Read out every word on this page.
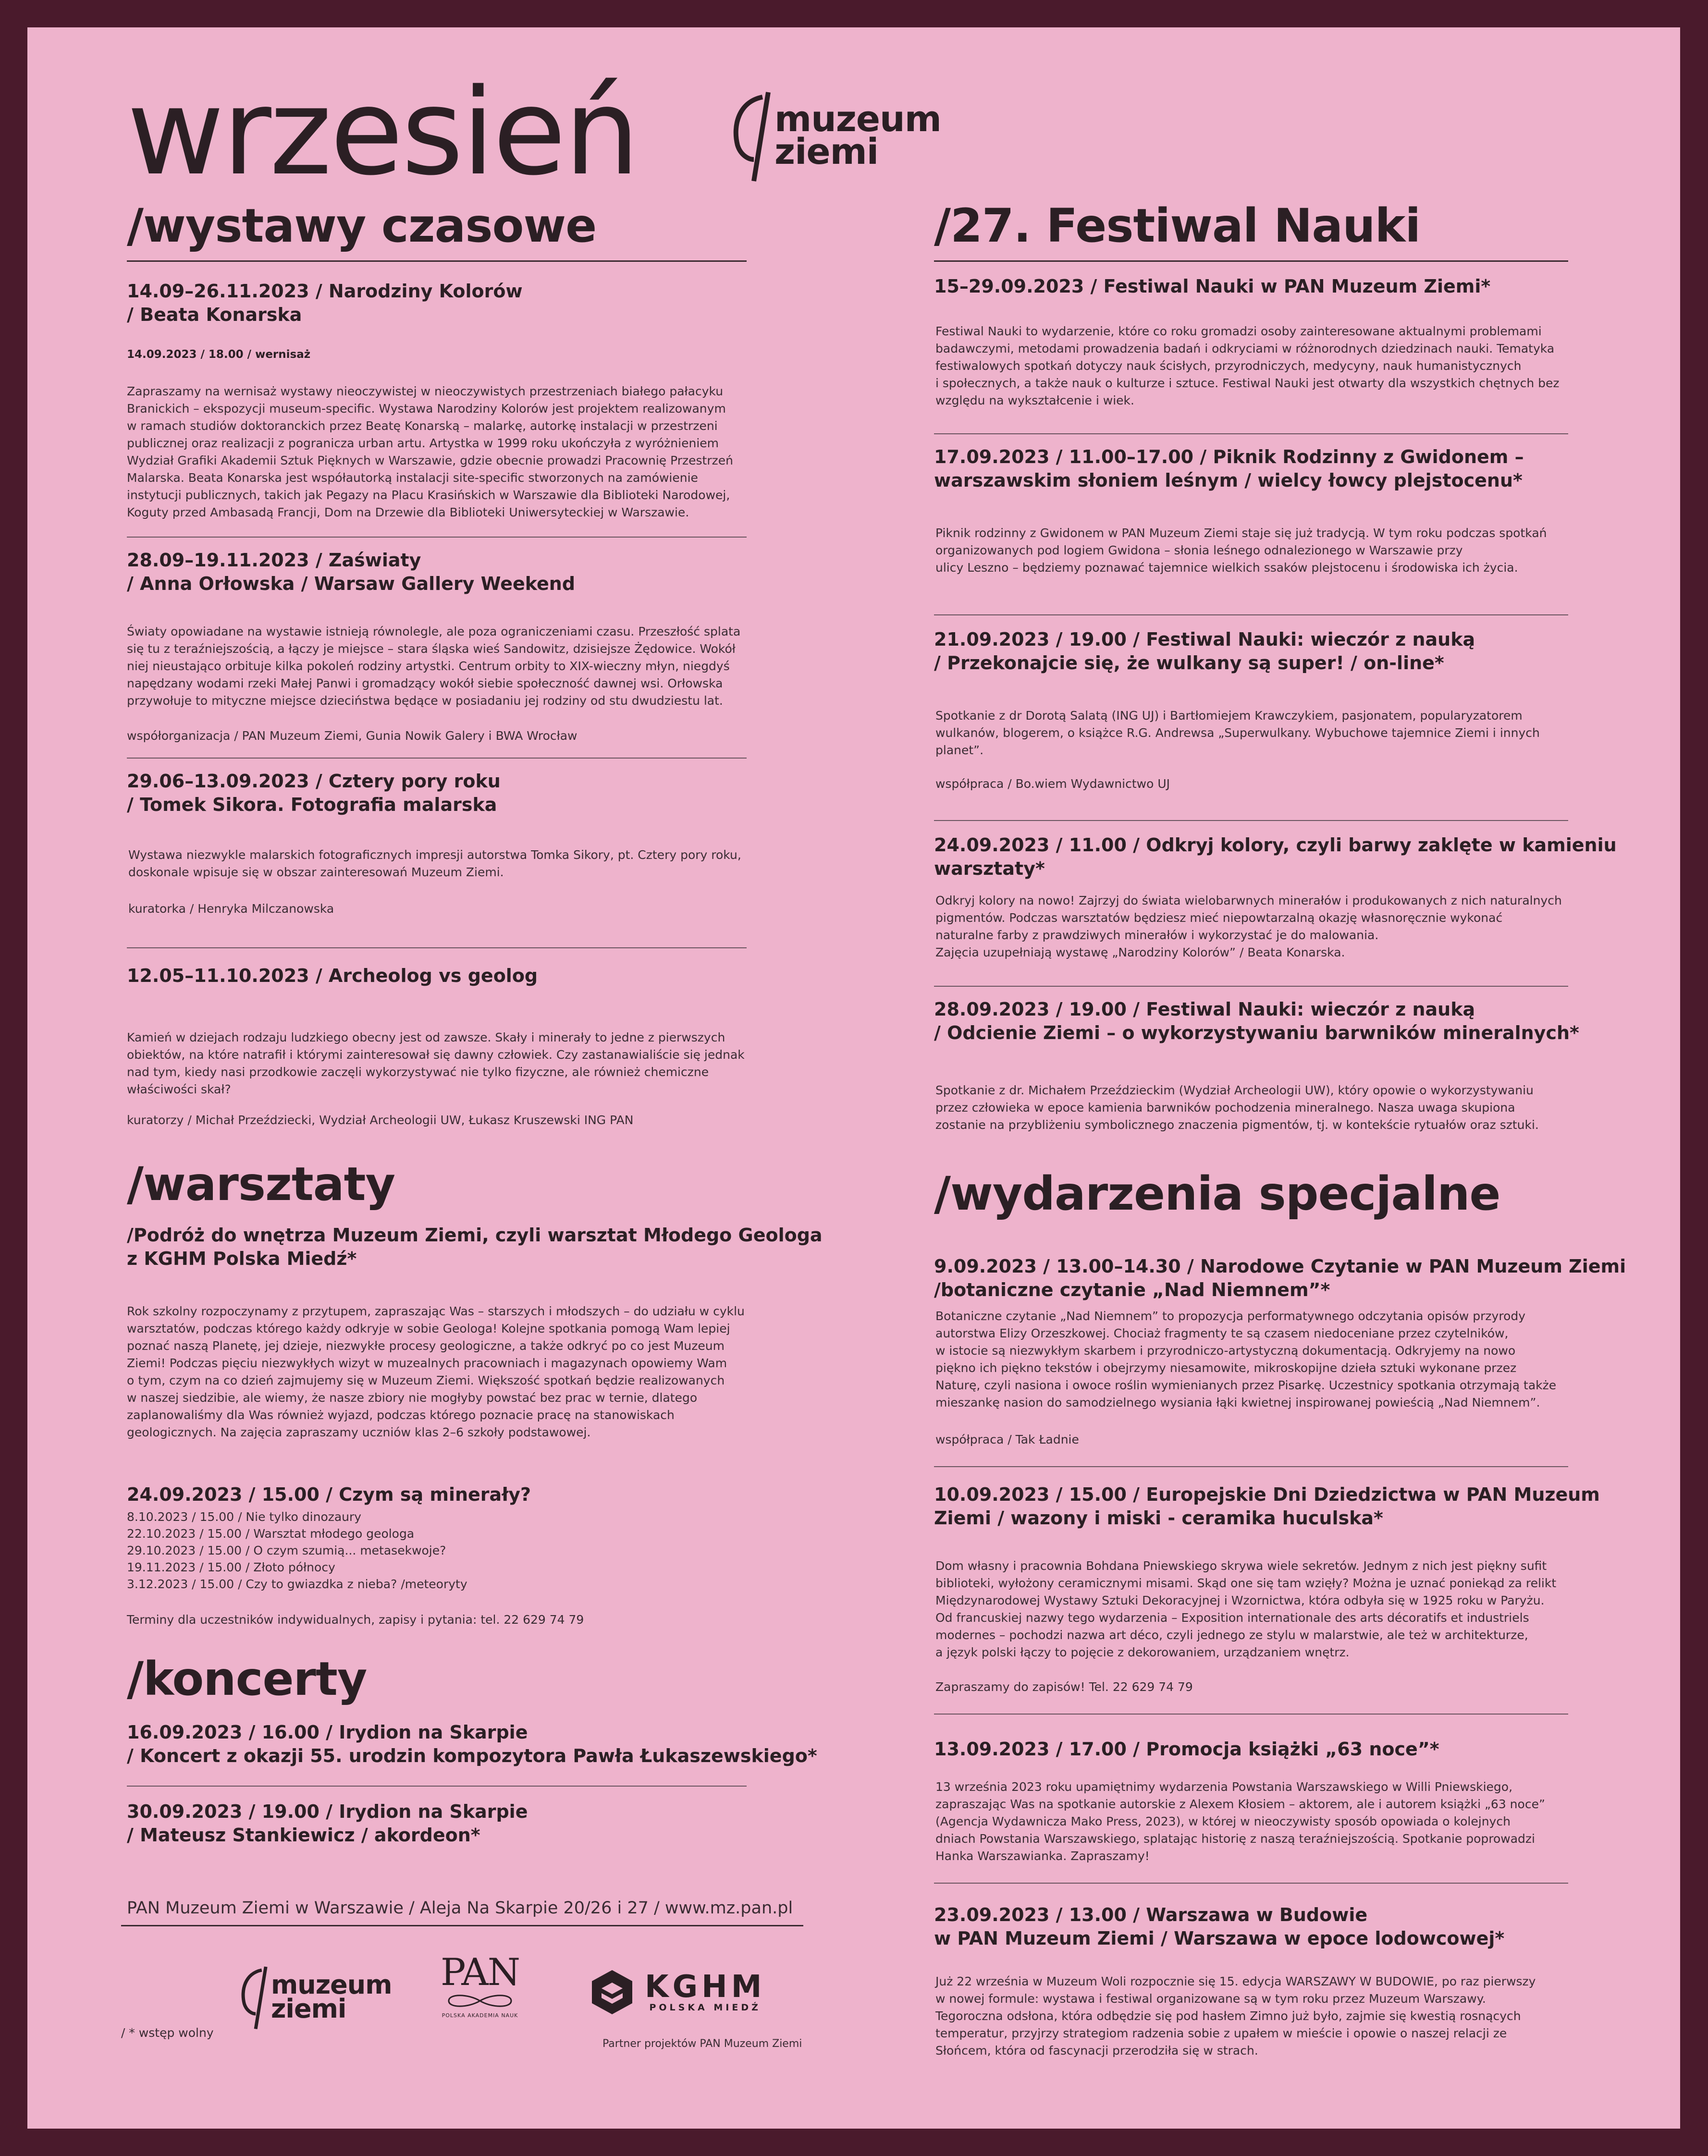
wrzesień	muzeum
ziemi
/wystawy czasowe
14.09–26.11.2023 / Narodziny Kolorów
/ Beata Konarska
14.09.2023 / 18.00 / wernisaż
Zapraszamy na wernisaż wystawy nieoczywistej w nieoczywistych przestrzeniach białego pałacyku
Branickich – ekspozycji museum-specific. Wystawa Narodziny Kolorów jest projektem realizowanym
w ramach studiów doktoranckich przez Beatę Konarską – malarkę, autorkę instalacji w przestrzeni
publicznej oraz realizacji z pogranicza urban artu. Artystka w 1999 roku ukończyła z wyróżnieniem
Wydział Grafiki Akademii Sztuk Pięknych w Warszawie, gdzie obecnie prowadzi Pracownię Przestrzeń
Malarska. Beata Konarska jest współautorką instalacji site-specific stworzonych na zamówienie
instytucji publicznych, takich jak Pegazy na Placu Krasińskich w Warszawie dla Biblioteki Narodowej,
Koguty przed Ambasadą Francji, Dom na Drzewie dla Biblioteki Uniwersyteckiej w Warszawie.
28.09–19.11.2023 / Zaświaty
/ Anna Orłowska / Warsaw Gallery Weekend
Światy opowiadane na wystawie istnieją równolegle, ale poza ograniczeniami czasu. Przeszłość splata
się tu z teraźniejszością, a łączy je miejsce – stara śląska wieś Sandowitz, dzisiejsze Żędowice. Wokół
niej nieustająco orbituje kilka pokoleń rodziny artystki. Centrum orbity to XIX-wieczny młyn, niegdyś
napędzany wodami rzeki Małej Panwi i gromadzący wokół siebie społeczność dawnej wsi. Orłowska
przywołuje to mityczne miejsce dzieciństwa będące w posiadaniu jej rodziny od stu dwudziestu lat.
współorganizacja / PAN Muzeum Ziemi, Gunia Nowik Galery i BWA Wrocław
29.06–13.09.2023 / Cztery pory roku
/ Tomek Sikora. Fotografia malarska
Wystawa niezwykle malarskich fotograficznych impresji autorstwa Tomka Sikory, pt. Cztery pory roku,
doskonale wpisuje się w obszar zainteresowań Muzeum Ziemi.
kuratorka / Henryka Milczanowska
12.05–11.10.2023 / Archeolog vs geolog
Kamień w dziejach rodzaju ludzkiego obecny jest od zawsze. Skały i minerały to jedne z pierwszych
obiektów, na które natrafił i którymi zainteresował się dawny człowiek. Czy zastanawialiście się jednak
nad tym, kiedy nasi przodkowie zaczęli wykorzystywać nie tylko fizyczne, ale również chemiczne
właściwości skał?
kuratorzy / Michał Przeździecki, Wydział Archeologii UW, Łukasz Kruszewski ING PAN
/warsztaty
/Podróż do wnętrza Muzeum Ziemi, czyli warsztat Młodego Geologa
z KGHM Polska Miedź*
Rok szkolny rozpoczynamy z przytupem, zapraszając Was – starszych i młodszych – do udziału w cyklu
warsztatów, podczas którego każdy odkryje w sobie Geologa! Kolejne spotkania pomogą Wam lepiej
poznać naszą Planetę, jej dzieje, niezwykłe procesy geologiczne, a także odkryć po co jest Muzeum
Ziemi! Podczas pięciu niezwykłych wizyt w muzealnych pracowniach i magazynach opowiemy Wam
o tym, czym na co dzień zajmujemy się w Muzeum Ziemi. Większość spotkań będzie realizowanych
w naszej siedzibie, ale wiemy, że nasze zbiory nie mogłyby powstać bez prac w ternie, dlatego
zaplanowaliśmy dla Was również wyjazd, podczas którego poznacie pracę na stanowiskach
geologicznych. Na zajęcia zapraszamy uczniów klas 2–6 szkoły podstawowej.
24.09.2023 / 15.00 / Czym są minerały?
8.10.2023 / 15.00 / Nie tylko dinozaury
22.10.2023 / 15.00 / Warsztat młodego geologa
29.10.2023 / 15.00 / O czym szumią... metasekwoje?
19.11.2023 / 15.00 / Złoto północy
3.12.2023 / 15.00 / Czy to gwiazdka z nieba? /meteoryty
Terminy dla uczestników indywidualnych, zapisy i pytania: tel. 22 629 74 79
/koncerty
16.09.2023 / 16.00 / Irydion na Skarpie
/ Koncert z okazji 55. urodzin kompozytora Pawła Łukaszewskiego*
30.09.2023 / 19.00 / Irydion na Skarpie
/ Mateusz Stankiewicz / akordeon*
PAN Muzeum Ziemi w Warszawie / Aleja Na Skarpie 20/26 i 27 / www.mz.pan.pl
muzeum
ziemi
PAN
POLSKA AKADEMIA NAUK
KGHM
POLSKA MIEDŹ
Partner projektów PAN Muzeum Ziemi
/ * wstęp wolny
/27. Festiwal Nauki
15–29.09.2023 / Festiwal Nauki w PAN Muzeum Ziemi*
Festiwal Nauki to wydarzenie, które co roku gromadzi osoby zainteresowane aktualnymi problemami
badawczymi, metodami prowadzenia badań i odkryciami w różnorodnych dziedzinach nauki. Tematyka
festiwalowych spotkań dotyczy nauk ścisłych, przyrodniczych, medycyny, nauk humanistycznych
i społecznych, a także nauk o kulturze i sztuce. Festiwal Nauki jest otwarty dla wszystkich chętnych bez
względu na wykształcenie i wiek.
17.09.2023 / 11.00–17.00 / Piknik Rodzinny z Gwidonem –
warszawskim słoniem leśnym / wielcy łowcy plejstocenu*
Piknik rodzinny z Gwidonem w PAN Muzeum Ziemi staje się już tradycją. W tym roku podczas spotkań
organizowanych pod logiem Gwidona – słonia leśnego odnalezionego w Warszawie przy
ulicy Leszno – będziemy poznawać tajemnice wielkich ssaków plejstocenu i środowiska ich życia.
21.09.2023 / 19.00 / Festiwal Nauki: wieczór z nauką
/ Przekonajcie się, że wulkany są super! / on-line*
Spotkanie z dr Dorotą Salatą (ING UJ) i Bartłomiejem Krawczykiem, pasjonatem, popularyzatorem
wulkanów, blogerem, o książce R.G. Andrewsa „Superwulkany. Wybuchowe tajemnice Ziemi i innych
planet”.
współpraca / Bo.wiem Wydawnictwo UJ
24.09.2023 / 11.00 / Odkryj kolory, czyli barwy zaklęte w kamieniu
warsztaty*
Odkryj kolory na nowo! Zajrzyj do świata wielobarwnych minerałów i produkowanych z nich naturalnych
pigmentów. Podczas warsztatów będziesz mieć niepowtarzalną okazję własnoręcznie wykonać
naturalne farby z prawdziwych minerałów i wykorzystać je do malowania.
Zajęcia uzupełniają wystawę „Narodziny Kolorów” / Beata Konarska.
28.09.2023 / 19.00 / Festiwal Nauki: wieczór z nauką
/ Odcienie Ziemi – o wykorzystywaniu barwników mineralnych*
Spotkanie z dr. Michałem Przeździeckim (Wydział Archeologii UW), który opowie o wykorzystywaniu
przez człowieka w epoce kamienia barwników pochodzenia mineralnego. Nasza uwaga skupiona
zostanie na przybliżeniu symbolicznego znaczenia pigmentów, tj. w kontekście rytuałów oraz sztuki.
/wydarzenia specjalne
9.09.2023 / 13.00–14.30 / Narodowe Czytanie w PAN Muzeum Ziemi
/botaniczne czytanie „Nad Niemnem”*
Botaniczne czytanie „Nad Niemnem” to propozycja performatywnego odczytania opisów przyrody
autorstwa Elizy Orzeszkowej. Chociaż fragmenty te są czasem niedoceniane przez czytelników,
w istocie są niezwykłym skarbem i przyrodniczo-artystyczną dokumentacją. Odkryjemy na nowo
piękno ich piękno tekstów i obejrzymy niesamowite, mikroskopijne dzieła sztuki wykonane przez
Naturę, czyli nasiona i owoce roślin wymienianych przez Pisarkę. Uczestnicy spotkania otrzymają także
mieszankę nasion do samodzielnego wysiania łąki kwietnej inspirowanej powieścią „Nad Niemnem”.
współpraca / Tak Ładnie
10.09.2023 / 15.00 / Europejskie Dni Dziedzictwa w PAN Muzeum
Ziemi / wazony i miski - ceramika huculska*
Dom własny i pracownia Bohdana Pniewskiego skrywa wiele sekretów. Jednym z nich jest piękny sufit
biblioteki, wyłożony ceramicznymi misami. Skąd one się tam wzięły? Można je uznać poniekąd za relikt
Międzynarodowej Wystawy Sztuki Dekoracyjnej i Wzornictwa, która odbyła się w 1925 roku w Paryżu.
Od francuskiej nazwy tego wydarzenia – Exposition internationale des arts décoratifs et industriels
modernes – pochodzi nazwa art déco, czyli jednego ze stylu w malarstwie, ale też w architekturze,
a język polski łączy to pojęcie z dekorowaniem, urządzaniem wnętrz.
Zapraszamy do zapisów! Tel. 22 629 74 79
13.09.2023 / 17.00 / Promocja książki „63 noce”*
13 września 2023 roku upamiętnimy wydarzenia Powstania Warszawskiego w Willi Pniewskiego,
zapraszając Was na spotkanie autorskie z Alexem Kłosiem – aktorem, ale i autorem książki „63 noce”
(Agencja Wydawnicza Mako Press, 2023), w której w nieoczywisty sposób opowiada o kolejnych
dniach Powstania Warszawskiego, splatając historię z naszą teraźniejszością. Spotkanie poprowadzi
Hanka Warszawianka. Zapraszamy!
23.09.2023 / 13.00 / Warszawa w Budowie
w PAN Muzeum Ziemi / Warszawa w epoce lodowcowej*
Już 22 września w Muzeum Woli rozpocznie się 15. edycja WARSZAWY W BUDOWIE, po raz pierwszy
w nowej formule: wystawa i festiwal organizowane są w tym roku przez Muzeum Warszawy.
Tegoroczna odsłona, która odbędzie się pod hasłem Zimno już było, zajmie się kwestią rosnących
temperatur, przyjrzy strategiom radzenia sobie z upałem w mieście i opowie o naszej relacji ze
Słońcem, która od fascynacji przerodziła się w strach.
